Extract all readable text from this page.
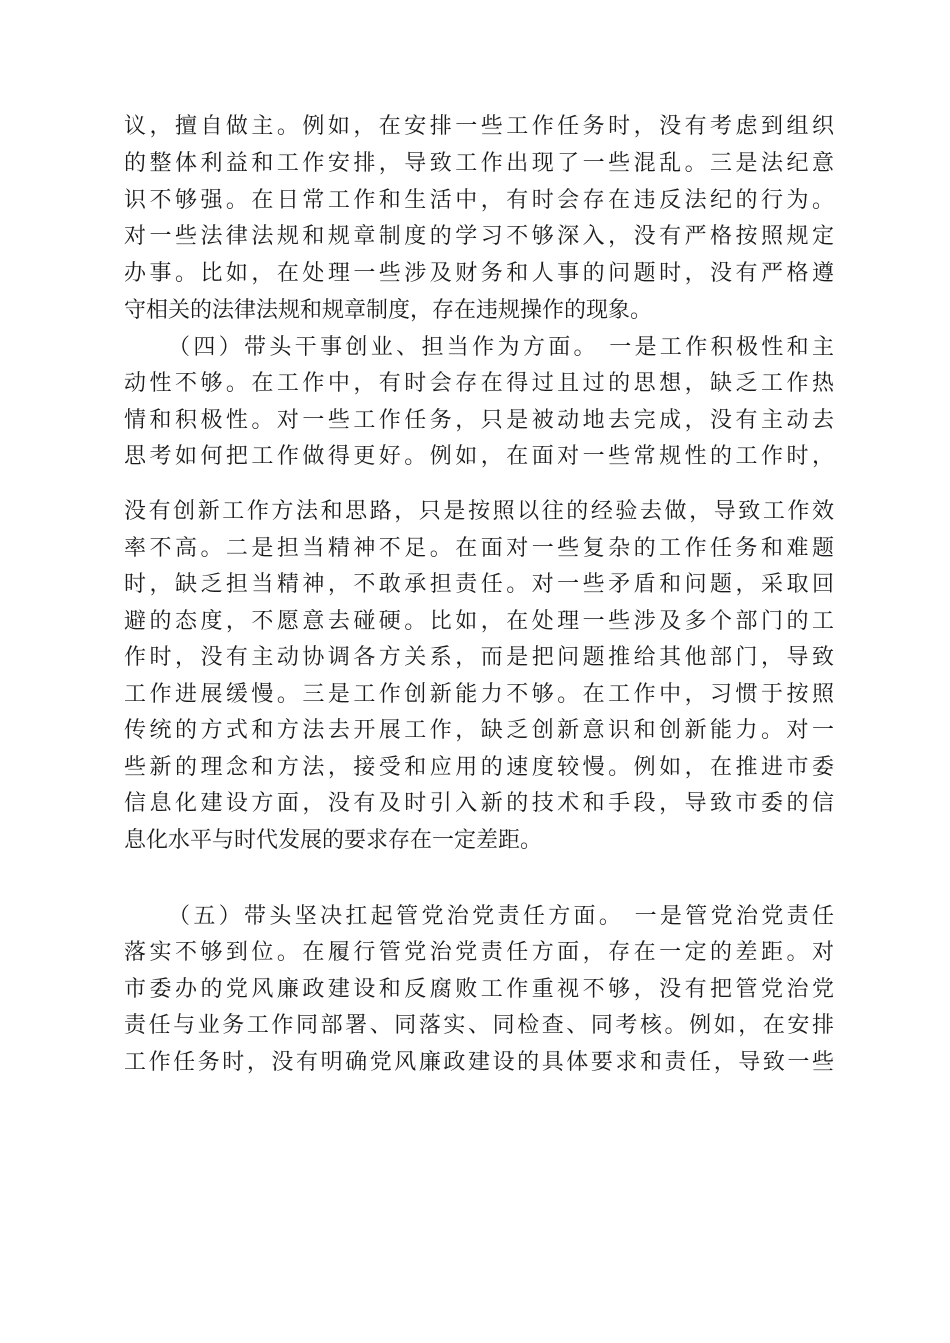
议，擅自做主。例如，在安排一些工作任务时，没有考虑到组织
的整体利益和工作安排，导致工作出现了一些混乱。三是法纪意
识不够强。在日常工作和生活中，有时会存在违反法纪的行为。
对一些法律法规和规章制度的学习不够深入，没有严格按照规定
办事。比如，在处理一些涉及财务和人事的问题时，没有严格遵
守相关的法律法规和规章制度，存在违规操作的现象。
（四）带头干事创业、担当作为方面。 一是工作积极性和主
动性不够。在工作中，有时会存在得过且过的思想，缺乏工作热
情和积极性。对一些工作任务，只是被动地去完成，没有主动去
思考如何把工作做得更好。例如，在面对一些常规性的工作时，
没有创新工作方法和思路，只是按照以往的经验去做，导致工作效
率不高。二是担当精神不足。在面对一些复杂的工作任务和难题
时，缺乏担当精神，不敢承担责任。对一些矛盾和问题，采取回
避的态度，不愿意去碰硬。比如，在处理一些涉及多个部门的工
作时，没有主动协调各方关系，而是把问题推给其他部门，导致
工作进展缓慢。三是工作创新能力不够。在工作中，习惯于按照
传统的方式和方法去开展工作，缺乏创新意识和创新能力。对一
些新的理念和方法，接受和应用的速度较慢。例如，在推进市委
信息化建设方面，没有及时引入新的技术和手段，导致市委的信
息化水平与时代发展的要求存在一定差距。
（五）带头坚决扛起管党治党责任方面。 一是管党治党责任
落实不够到位。在履行管党治党责任方面，存在一定的差距。对
市委办的党风廉政建设和反腐败工作重视不够，没有把管党治党
责任与业务工作同部署、同落实、同检查、同考核。例如，在安排
工作任务时，没有明确党风廉政建设的具体要求和责任，导致一些
